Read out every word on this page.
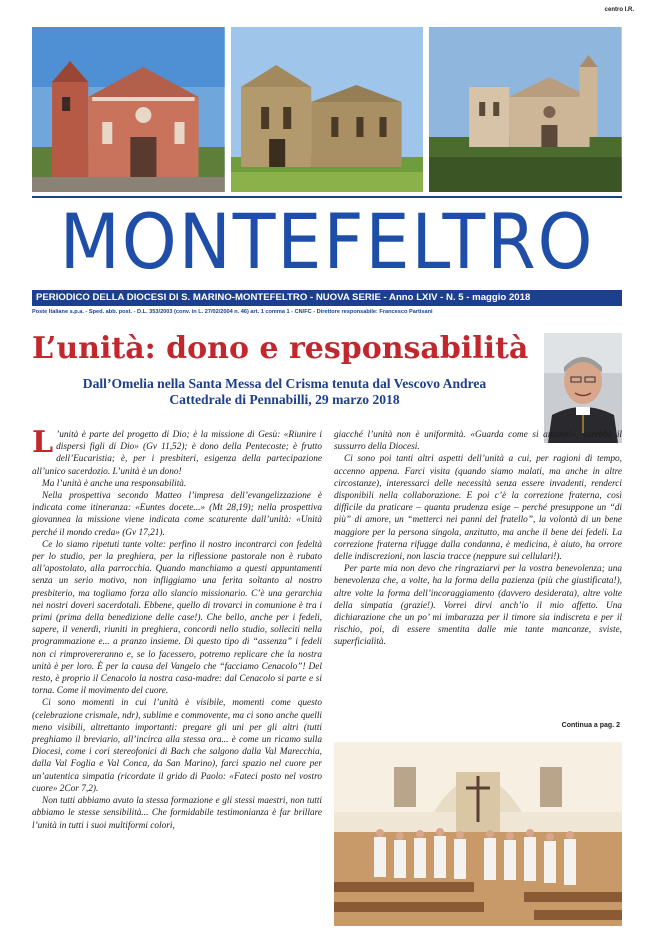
centro I.R.
MONTEFELTRO
PERIODICO DELLA DIOCESI DI S. MARINO-MONTEFELTRO - NUOVA SERIE - Anno LXIV - N. 5 - maggio 2018
Poste Italiane s.p.a. - Sped. abb. post. - D.L. 353/2003 (conv. in L. 27/02/2004 n. 46) art. 1 comma 1 - CN/FC - Direttore responsabile: Francesco Partisani
L’unità: dono e responsabilità
Dall’Omelia nella Santa Messa del Crisma tenuta dal Vescovo Andrea
Cattedrale di Pennabilli, 29 marzo 2018

L ’unità è parte del progetto di Dio; è la missione di Gesù: «Riunire i dispersi figli di Dio» (Gv 11,52); è dono della Pentecoste; è frutto dell’Eucaristia; è, per i presbiteri, esigenza della partecipazione all’unico sacerdozio. L’unità è un dono!

Ma l’unità è anche una responsabilità.

Nella prospettiva secondo Matteo l’impresa dell’evangelizzazione è indicata come itineranza: «Euntes docete...» (Mt 28,19); nella prospettiva giovannea la missione viene indicata come scaturente dall’unità: «Unità perché il mondo creda» (Gv 17,21).

Ce lo siamo ripetuti tante volte: perfino il nostro incontrarci con fedeltà per lo studio, per la preghiera, per la riflessione pastorale non è rubato all’apostolato, alla parrocchia. Quando manchiamo a questi appuntamenti senza un serio motivo, non infliggiamo una ferita soltanto al nostro presbiterio, ma togliamo forza allo slancio missionario. C’è una gerarchia nei nostri doveri sacerdotali. Ebbene, quello di trovarci in comunione è tra i primi (prima della benedizione delle case!). Che bello, anche per i fedeli, sapere, il venerdì, riuniti in preghiera, concordi nello studio, solleciti nella programmazione e... a pranzo insieme. Di questo tipo di “assenza” i fedeli non ci rimprovereranno e, se lo facessero, potremo replicare che la nostra unità è per loro. È per la causa del Vangelo che “facciamo Cenacolo”! Del resto, è proprio il Cenacolo la nostra casa-madre: dal Cenacolo si parte e si torna. Come il movimento del cuore.

Ci sono momenti in cui l’unità è visibile, momenti come questo (celebrazione crismale, ndr), sublime e commovente, ma ci sono anche quelli meno visibili, altrettanto importanti: pregare gli uni per gli altri (tutti preghiamo il breviario, all’incirca alla stessa ora... è come un ricamo sulla Diocesi, come i cori stereofonici di Bach che salgono dalla Val Marecchia, dalla Val Foglia e Val Conca, da San Marino), farci spazio nel cuore per un’autentica simpatia (ricordate il grido di Paolo: «Fateci posto nel vostro cuore» 2Cor 7,2).

Non tutti abbiamo avuto la stessa formazione e gli stessi maestri, non tutti abbiamo le stesse sensibilità... Che formidabile testimonianza è far brillare l’unità in tutti i suoi multiformi colori,

giacché l’unità non è uniformità. «Guarda come si amano!», sarebbe il sussurro della Diocesi.

Ci sono poi tanti altri aspetti dell’unità a cui, per ragioni di tempo, accenno appena. Farci visita (quando siamo malati, ma anche in altre circostanze), interessarci delle necessità senza essere invadenti, renderci disponibili nella collaborazione. E poi c’è la correzione fraterna, così difficile da praticare – quanta prudenza esige – perché presuppone un “di più” di amore, un “metterci nei panni del fratello”, la volontà di un bene maggiore per la persona singola, anzitutto, ma anche il bene dei fedeli. La correzione fraterna rifugge dalla condanna, è medicina, è aiuto, ha orrore delle indiscrezioni, non lascia tracce (neppure sui cellulari!).

Per parte mia non devo che ringraziarvi per la vostra benevolenza; una benevolenza che, a volte, ha la forma della pazienza (più che giustificata!), altre volte la forma dell’incoraggiamento (davvero desiderata), altre volte della simpatia (grazie!). Vorrei dirvi anch’io il mio affetto. Una dichiarazione che un po’ mi imbarazza per il timore sia indiscreta e per il rischio, poi, di essere smentita dalle mie tante mancanze, sviste, superficialità.

Continua a pag. 2
